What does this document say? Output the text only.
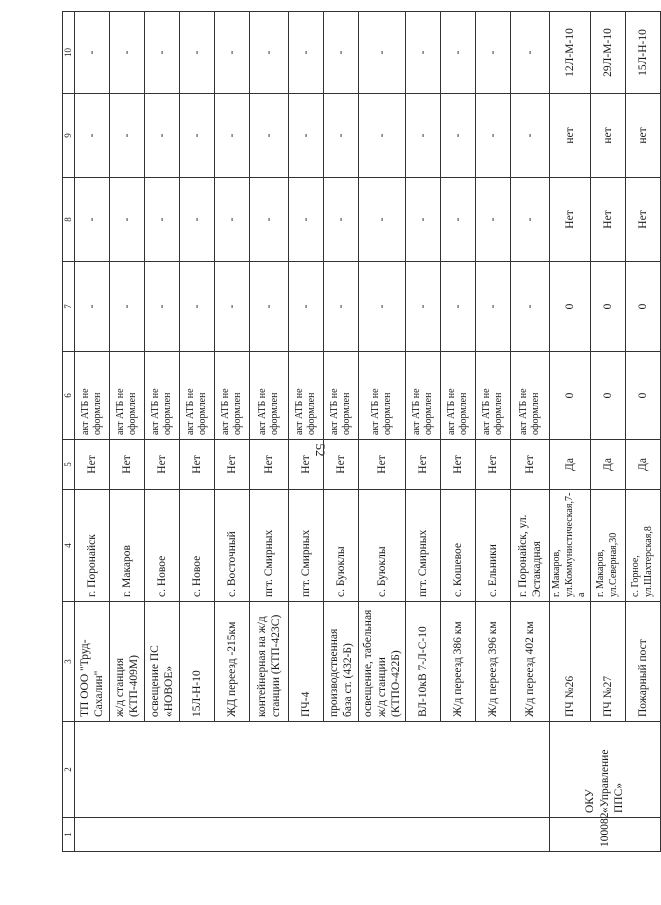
52
1	2	3	4	5	6	7	8	9	10
		ТП ООО "Труд-Сахалин"	г. Поронайск	Нет	акт АТБ не оформлен	-	-	-	-
		ж/д станция (КТП-409М)	г. Макаров	Нет	акт АТБ не оформлен	-	-	-	-
		освещение ПС «НОВОЕ»	с. Новое	Нет	акт АТБ не оформлен	-	-	-	-
		15Л-Н-10	с. Новое	Нет	акт АТБ не оформлен	-	-	-	-
		ЖД переезд -215км	с. Восточный	Нет	акт АТБ не оформлен	-	-	-	-
		контейнерная на ж/д станции (КТП-423С)	пгт. Смирных	Нет	акт АТБ не оформлен	-	-	-	-
		ПЧ-4	пгт. Смирных	Нет	акт АТБ не оформлен	-	-	-	-
		производственная база ст. (432-Б)	с. Буюклы	Нет	акт АТБ не оформлен	-	-	-	-
		освещение, табельная ж/д станции (КТПО-422Б)	с. Буюклы	Нет	акт АТБ не оформлен	-	-	-	-
		ВЛ-10кВ 7-Л-С-10	пгт. Смирных	Нет	акт АТБ не оформлен	-	-	-	-
		Ж/д переезд 386 км	с. Кошевое	Нет	акт АТБ не оформлен	-	-	-	-
		Ж/д переезд 396 км	с. Ельники	Нет	акт АТБ не оформлен	-	-	-	-
		Ж/д переезд 402 км	г. Поронайск, ул. Эстакадная	Нет	акт АТБ не оформлен	-	-	-	-
100082	ОКУ «Управление ППС»	ПЧ №26	г. Макаров, ул.Коммунистическая,7-а	Да	0	0	Нет	нет	12Л-М-10
		ПЧ №27	г. Макаров, ул.Северная,30	Да	0	0	Нет	нет	29Л-М-10
		Пожарный пост	с. Горное, ул.Шахтерская,8	Да	0	0	Нет	нет	15Л-Н-10
